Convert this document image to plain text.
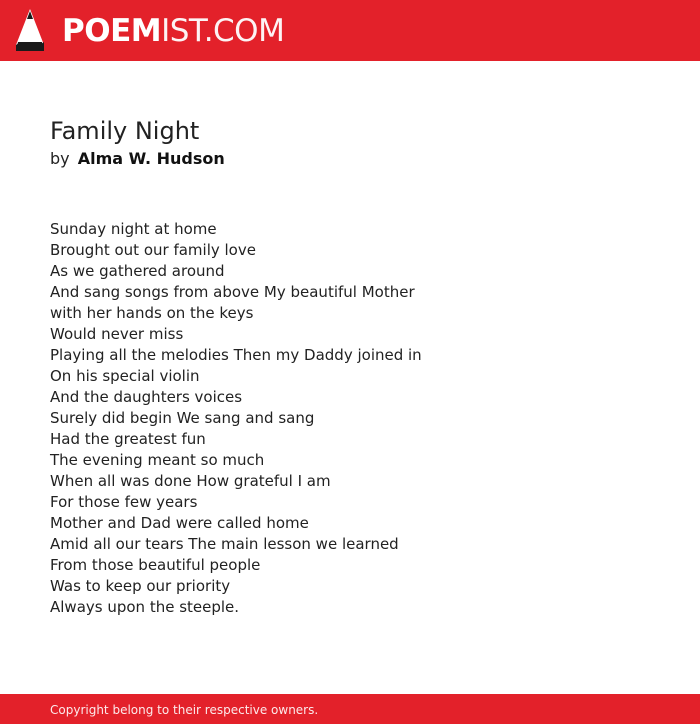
POEMIST.COM
Family Night
by Alma W. Hudson
Sunday night at home
Brought out our family love
As we gathered around
And sang songs from above My beautiful Mother
with her hands on the keys
Would never miss
Playing all the melodies Then my Daddy joined in
On his special violin
And the daughters voices
Surely did begin We sang and sang
Had the greatest fun
The evening meant so much
When all was done How grateful I am
For those few years
Mother and Dad were called home
Amid all our tears The main lesson we learned
From those beautiful people
Was to keep our priority
Always upon the steeple.
Copyright belong to their respective owners.
